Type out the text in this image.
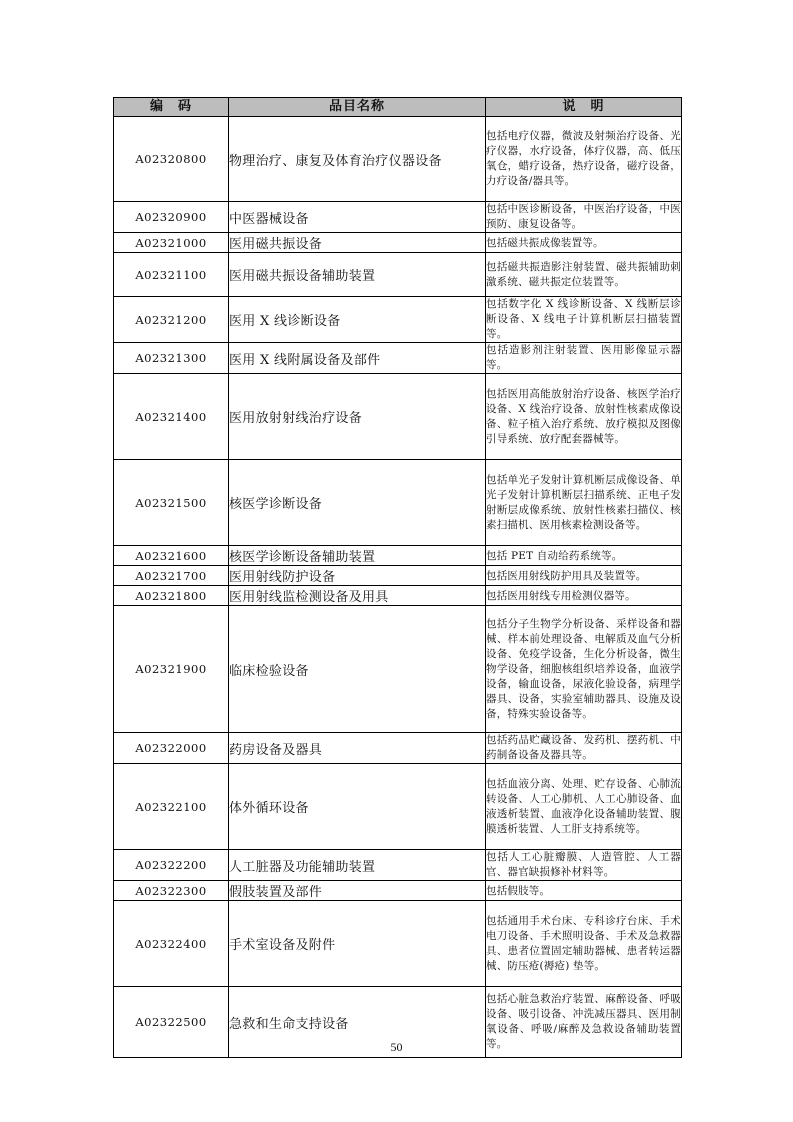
编　码	品目名称	说　明
A02320800	物理治疗、康复及体育治疗仪器设备	包括电疗仪器，微波及射频治疗设备、光疗仪器，水疗设备，体疗仪器，高、低压氧仓，蜡疗设备，热疗设备，磁疗设备，力疗设备/器具等。
A02320900	中医器械设备	包括中医诊断设备，中医治疗设备，中医预防、康复设备等。
A02321000	医用磁共振设备	包括磁共振成像装置等。
A02321100	医用磁共振设备辅助装置	包括磁共振造影注射装置、磁共振辅助刺激系统、磁共振定位装置等。
A02321200	医用 X 线诊断设备	包括数字化 X 线诊断设备、X 线断层诊断设备、X 线电子计算机断层扫描装置等。
A02321300	医用 X 线附属设备及部件	包括造影剂注射装置、医用影像显示器等。
A02321400	医用放射射线治疗设备	包括医用高能放射治疗设备、核医学治疗设备、X 线治疗设备、放射性核素成像设备、粒子植入治疗系统、放疗模拟及图像引导系统、放疗配套器械等。
A02321500	核医学诊断设备	包括单光子发射计算机断层成像设备、单光子发射计算机断层扫描系统、正电子发射断层成像系统、放射性核素扫描仪、核素扫描机、医用核素检测设备等。
A02321600	核医学诊断设备辅助装置	包括 PET 自动给药系统等。
A02321700	医用射线防护设备	包括医用射线防护用具及装置等。
A02321800	医用射线监检测设备及用具	包括医用射线专用检测仪器等。
A02321900	临床检验设备	包括分子生物学分析设备、采样设备和器械、样本前处理设备、电解质及血气分析设备、免疫学设备，生化分析设备，微生物学设备，细胞核组织培养设备，血液学设备，输血设备，尿液化验设备，病理学器具、设备，实验室辅助器具、设施及设备，特殊实验设备等。
A02322000	药房设备及器具	包括药品贮藏设备、发药机、摆药机、中药制备设备及器具等。
A02322100	体外循环设备	包括血液分离、处理、贮存设备、心肺流转设备、人工心肺机、人工心肺设备、血液透析装置、血液净化设备辅助装置、腹膜透析装置、人工肝支持系统等。
A02322200	人工脏器及功能辅助装置	包括人工心脏瓣膜、人造管腔、人工器官、器官缺损修补材料等。
A02322300	假肢装置及部件	包括假肢等。
A02322400	手术室设备及附件	包括通用手术台床、专科诊疗台床、手术电刀设备、手术照明设备、手术及急救器具、患者位置固定辅助器械、患者转运器械、防压疮(褥疮) 垫等。
A02322500	急救和生命支持设备	包括心脏急救治疗装置、麻醉设备、呼吸设备、吸引设备、冲洗减压器具、医用制氧设备、呼吸/麻醉及急救设备辅助装置等。
50
